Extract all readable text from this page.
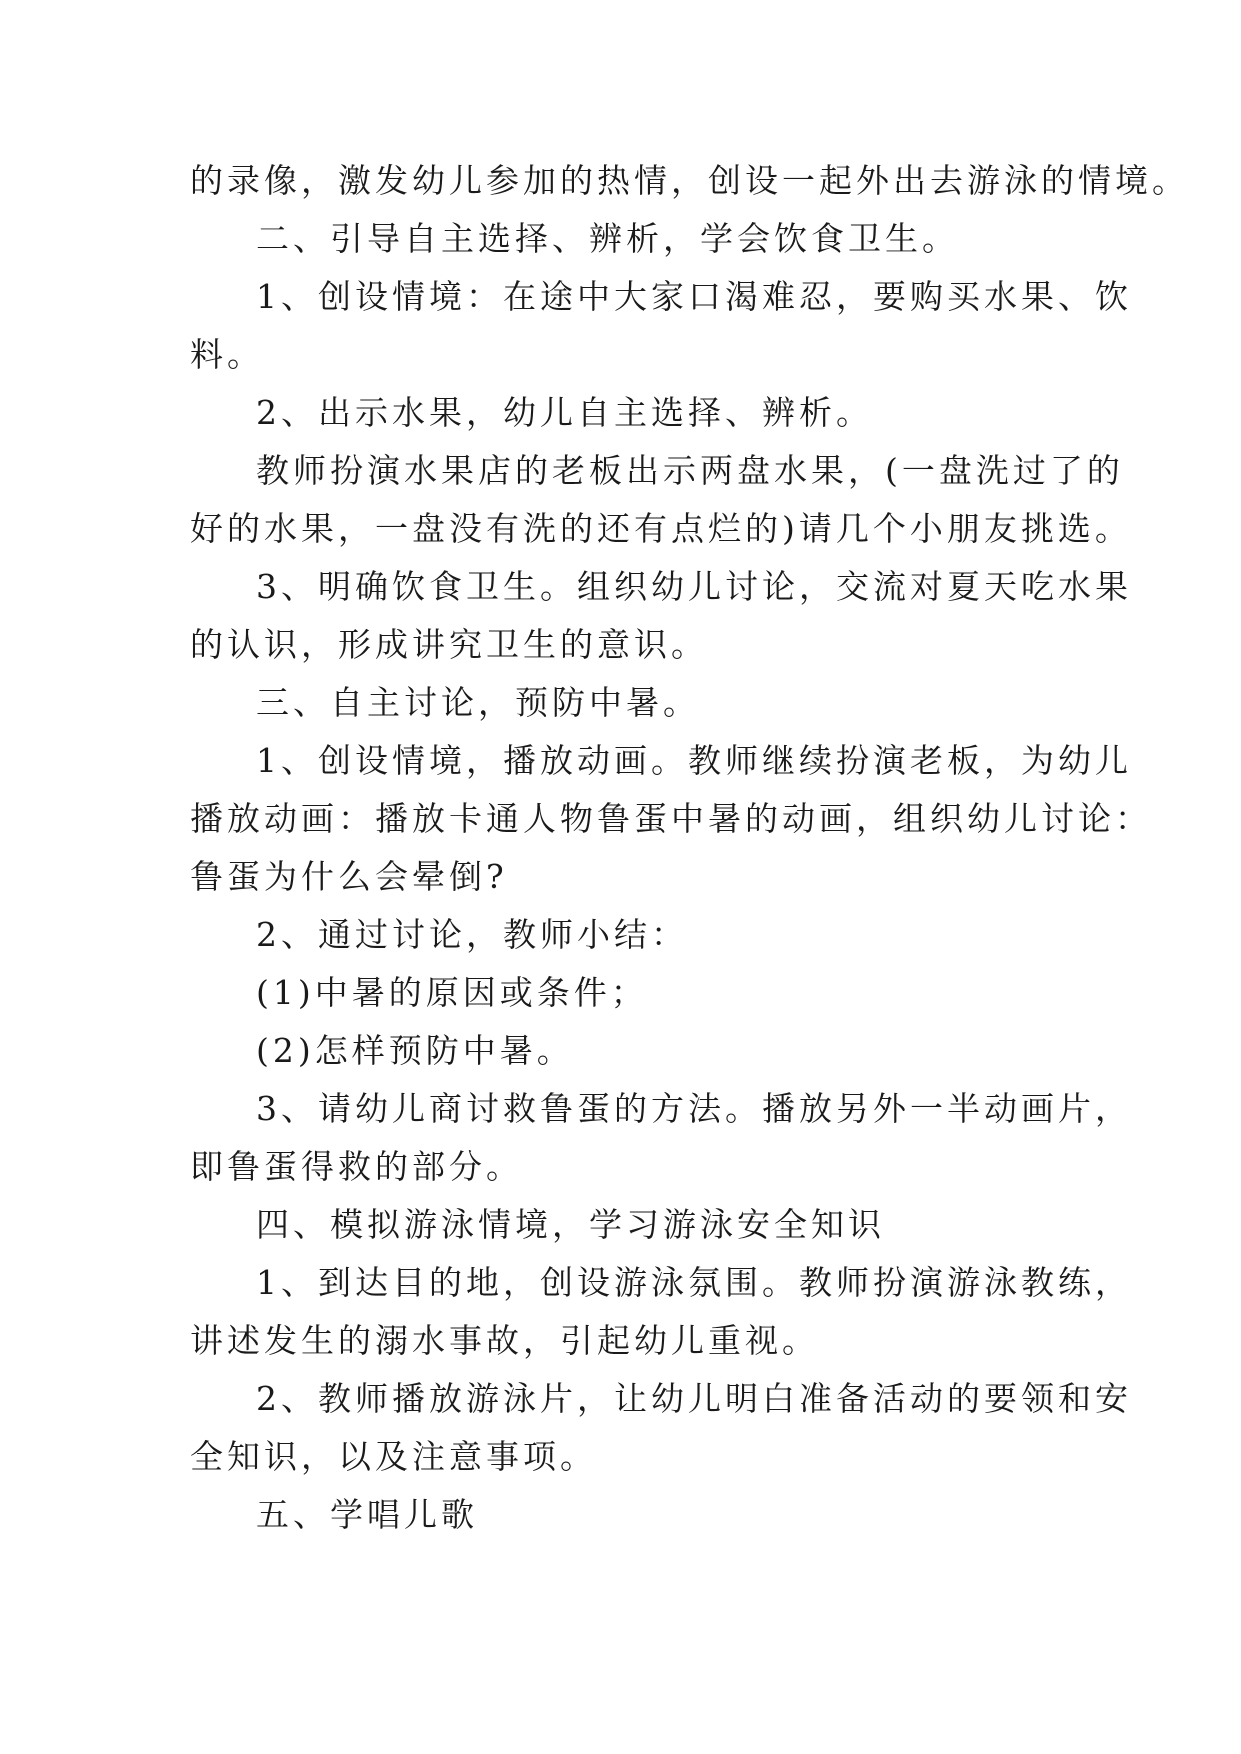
的录像，激发幼儿参加的热情，创设一起外出去游泳的情境。

二、引导自主选择、辨析，学会饮食卫生。

1、创设情境：在途中大家口渴难忍，要购买水果、饮

料。

2、出示水果，幼儿自主选择、辨析。

教师扮演水果店的老板出示两盘水果，(一盘洗过了的

好的水果，一盘没有洗的还有点烂的)请几个小朋友挑选。

3、明确饮食卫生。组织幼儿讨论，交流对夏天吃水果

的认识，形成讲究卫生的意识。

三、自主讨论，预防中暑。

1、创设情境，播放动画。教师继续扮演老板，为幼儿

播放动画：播放卡通人物鲁蛋中暑的动画，组织幼儿讨论：

鲁蛋为什么会晕倒?

2、通过讨论，教师小结：

(1)中暑的原因或条件；

(2)怎样预防中暑。

3、请幼儿商讨救鲁蛋的方法。播放另外一半动画片，

即鲁蛋得救的部分。

四、模拟游泳情境，学习游泳安全知识

1、到达目的地，创设游泳氛围。教师扮演游泳教练，

讲述发生的溺水事故，引起幼儿重视。

2、教师播放游泳片，让幼儿明白准备活动的要领和安

全知识，以及注意事项。

五、学唱儿歌
